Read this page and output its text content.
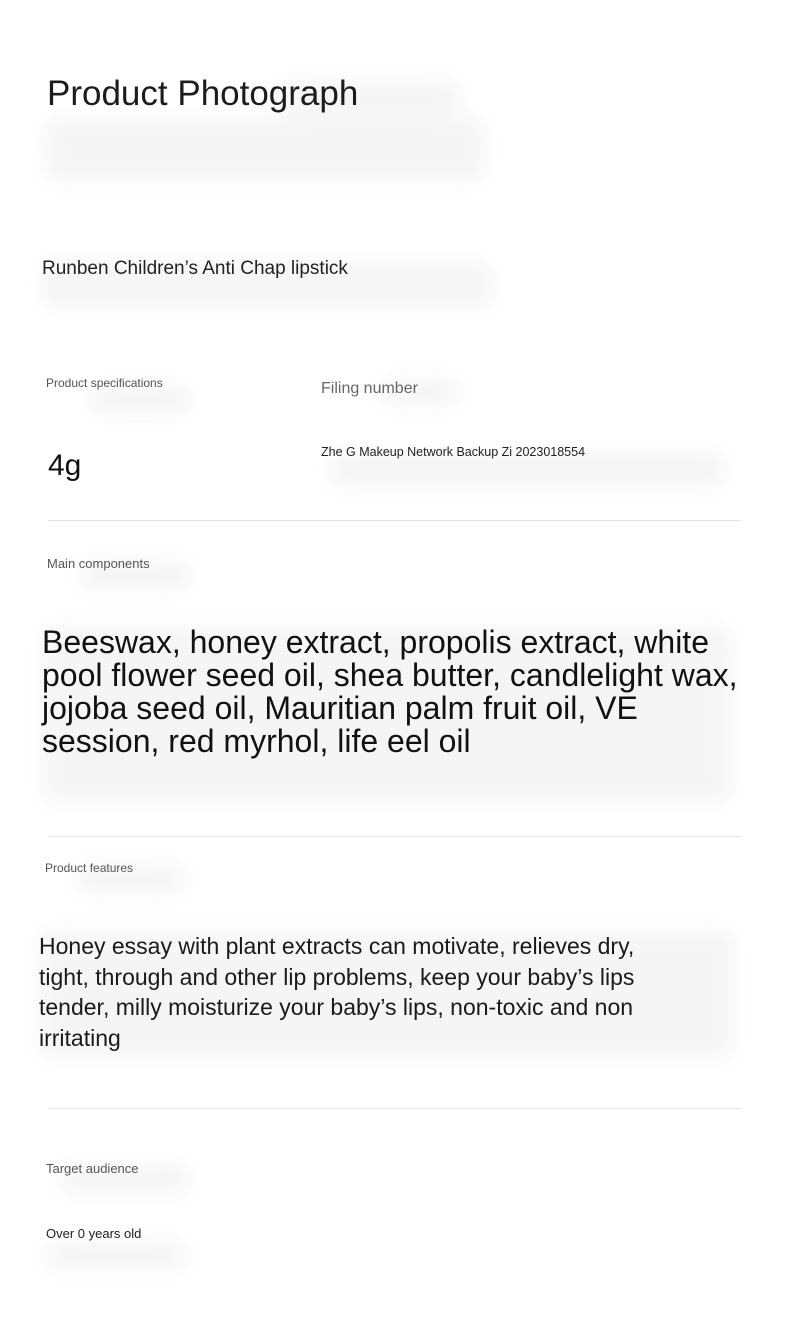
Product Photograph
Runben Children’s Anti Chap lipstick
Product specifications
4g
Filing number
Zhe G Makeup Network Backup Zi 2023018554
Main components
Beeswax, honey extract, propolis extract, white pool flower seed oil, shea butter, candlelight wax, jojoba seed oil, Mauritian palm fruit oil, VE session, red myrhol, life eel oil
Product features
Honey essay with plant extracts can motivate, relieves dry, tight, through and other lip problems, keep your baby’s lips tender, milly moisturize your baby’s lips, non-toxic and non irritating
Target audience
Over 0 years old
